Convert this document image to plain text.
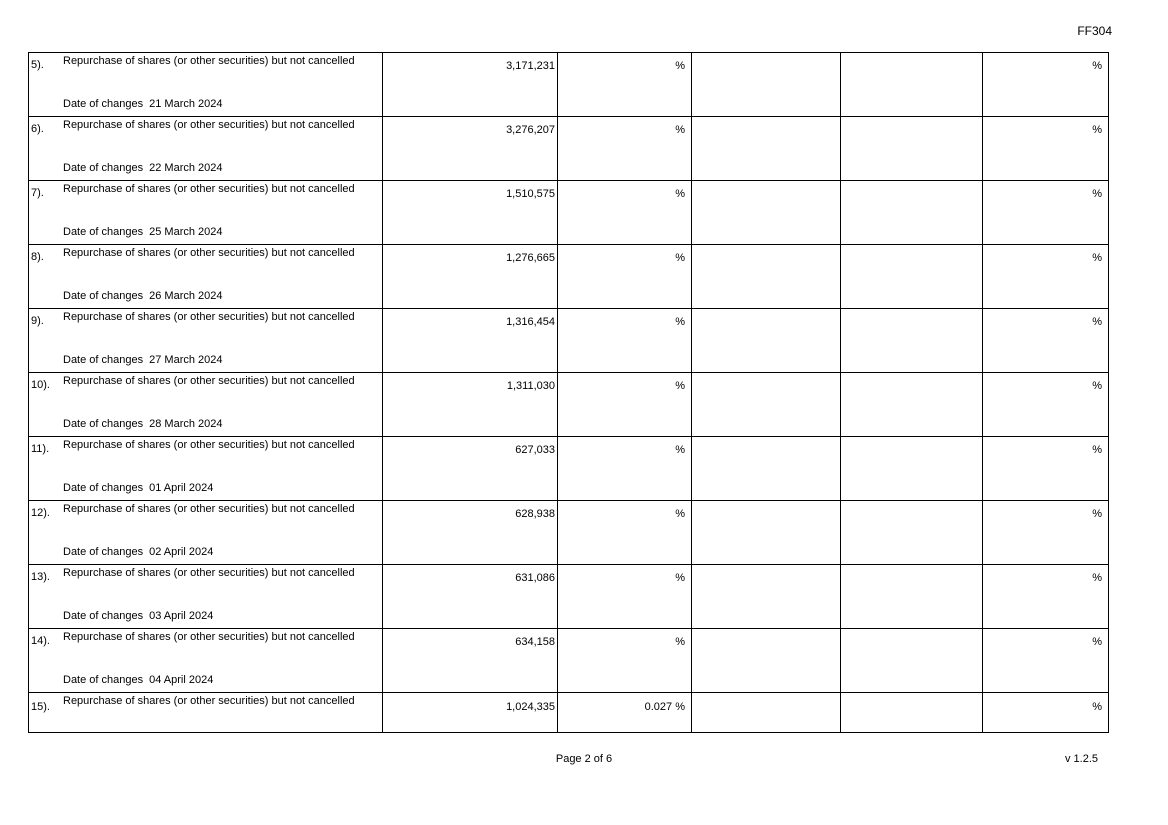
FF304
5). Repurchase of shares (or other securities) but not cancelled
Date of changes 21 March 2024	3,171,231	%			%

6). Repurchase of shares (or other securities) but not cancelled
Date of changes 22 March 2024	3,276,207	%			%

7). Repurchase of shares (or other securities) but not cancelled
Date of changes 25 March 2024	1,510,575	%			%

8). Repurchase of shares (or other securities) but not cancelled
Date of changes 26 March 2024	1,276,665	%			%

9). Repurchase of shares (or other securities) but not cancelled
Date of changes 27 March 2024	1,316,454	%			%

10). Repurchase of shares (or other securities) but not cancelled
Date of changes 28 March 2024	1,311,030	%			%

11). Repurchase of shares (or other securities) but not cancelled
Date of changes 01 April 2024	627,033	%			%

12). Repurchase of shares (or other securities) but not cancelled
Date of changes 02 April 2024	628,938	%			%

13). Repurchase of shares (or other securities) but not cancelled
Date of changes 03 April 2024	631,086	%			%

14). Repurchase of shares (or other securities) but not cancelled
Date of changes 04 April 2024	634,158	%			%

15). Repurchase of shares (or other securities) but not cancelled	1,024,335	0.027 %			%
Page 2 of 6	v 1.2.5
